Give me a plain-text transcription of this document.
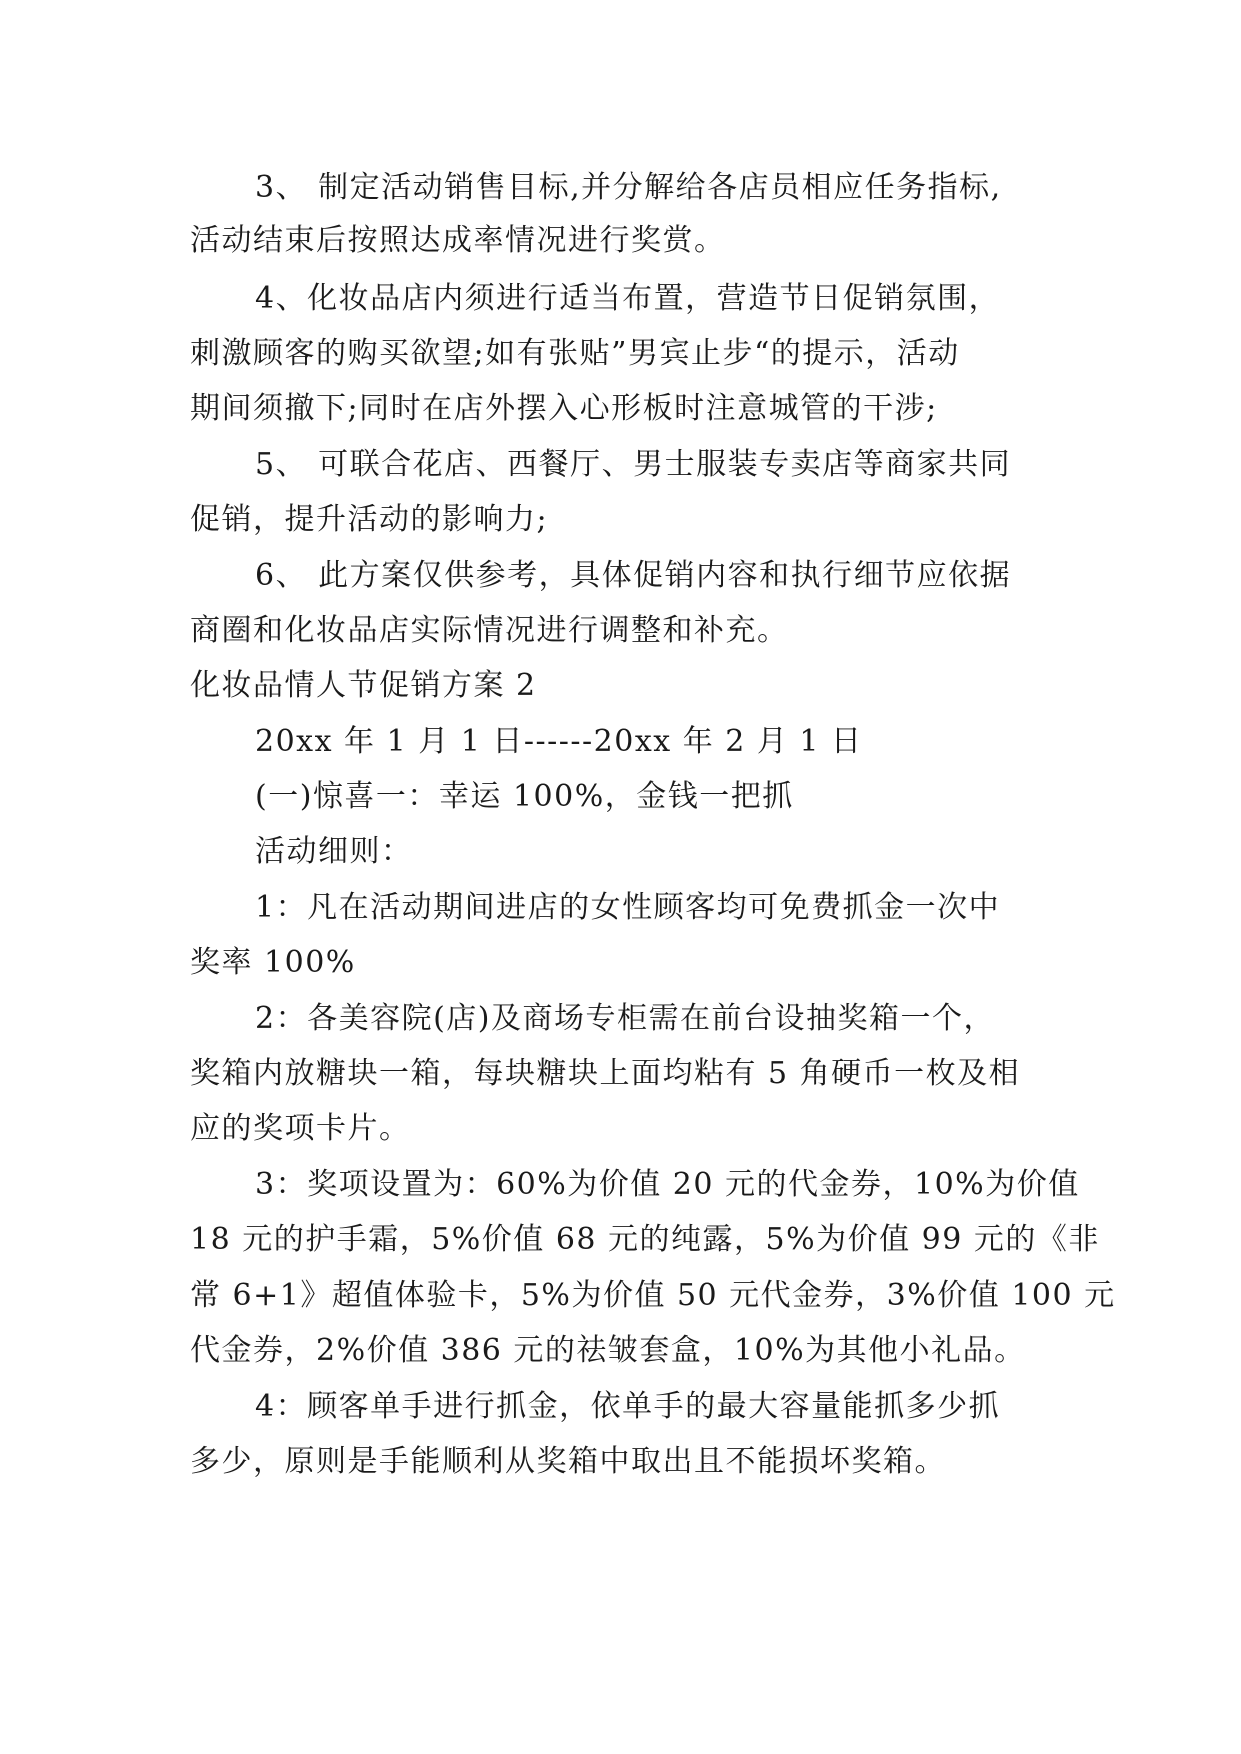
3、 制定活动销售目标,并分解给各店员相应任务指标,
活动结束后按照达成率情况进行奖赏。
4、化妆品店内须进行适当布置，营造节日促销氛围，
刺激顾客的购买欲望;如有张贴”男宾止步“的提示，活动
期间须撤下;同时在店外摆入心形板时注意城管的干涉;
5、 可联合花店、西餐厅、男士服装专卖店等商家共同
促销，提升活动的影响力;
6、 此方案仅供参考，具体促销内容和执行细节应依据
商圈和化妆品店实际情况进行调整和补充。
化妆品情人节促销方案 2
20xx 年 1 月 1 日------20xx 年 2 月 1 日
(一)惊喜一：幸运 100%，金钱一把抓
活动细则：
1：凡在活动期间进店的女性顾客均可免费抓金一次中
奖率 100%
2：各美容院(店)及商场专柜需在前台设抽奖箱一个，
奖箱内放糖块一箱，每块糖块上面均粘有 5 角硬币一枚及相
应的奖项卡片。
3：奖项设置为：60%为价值 20 元的代金券，10%为价值
18 元的护手霜，5%价值 68 元的纯露，5%为价值 99 元的《非
常 6+1》超值体验卡，5%为价值 50 元代金券，3%价值 100 元
代金券，2%价值 386 元的祛皱套盒，10%为其他小礼品。
4：顾客单手进行抓金，依单手的最大容量能抓多少抓
多少，原则是手能顺利从奖箱中取出且不能损坏奖箱。
